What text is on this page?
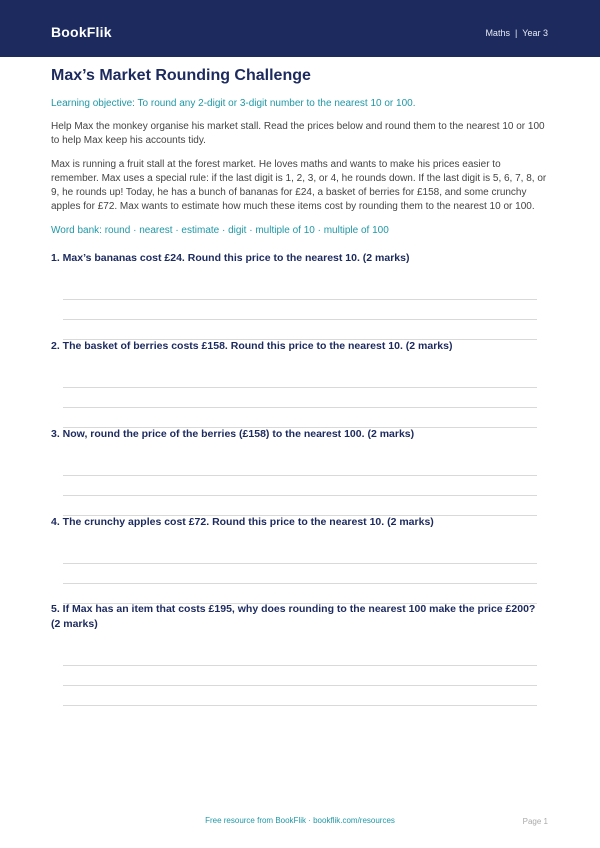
BookFlik	Maths | Year 3
Max’s Market Rounding Challenge
Learning objective: To round any 2-digit or 3-digit number to the nearest 10 or 100.
Help Max the monkey organise his market stall. Read the prices below and round them to the nearest 10 or 100 to help Max keep his accounts tidy.
Max is running a fruit stall at the forest market. He loves maths and wants to make his prices easier to remember. Max uses a special rule: if the last digit is 1, 2, 3, or 4, he rounds down. If the last digit is 5, 6, 7, 8, or 9, he rounds up! Today, he has a bunch of bananas for £24, a basket of berries for £158, and some crunchy apples for £72. Max wants to estimate how much these items cost by rounding them to the nearest 10 or 100.
Word bank: round · nearest · estimate · digit · multiple of 10 · multiple of 100
1. Max’s bananas cost £24. Round this price to the nearest 10. (2 marks)
2. The basket of berries costs £158. Round this price to the nearest 10. (2 marks)
3. Now, round the price of the berries (£158) to the nearest 100. (2 marks)
4. The crunchy apples cost £72. Round this price to the nearest 10. (2 marks)
5. If Max has an item that costs £195, why does rounding to the nearest 100 make the price £200? (2 marks)
Free resource from BookFlik · bookflik.com/resources	Page 1
